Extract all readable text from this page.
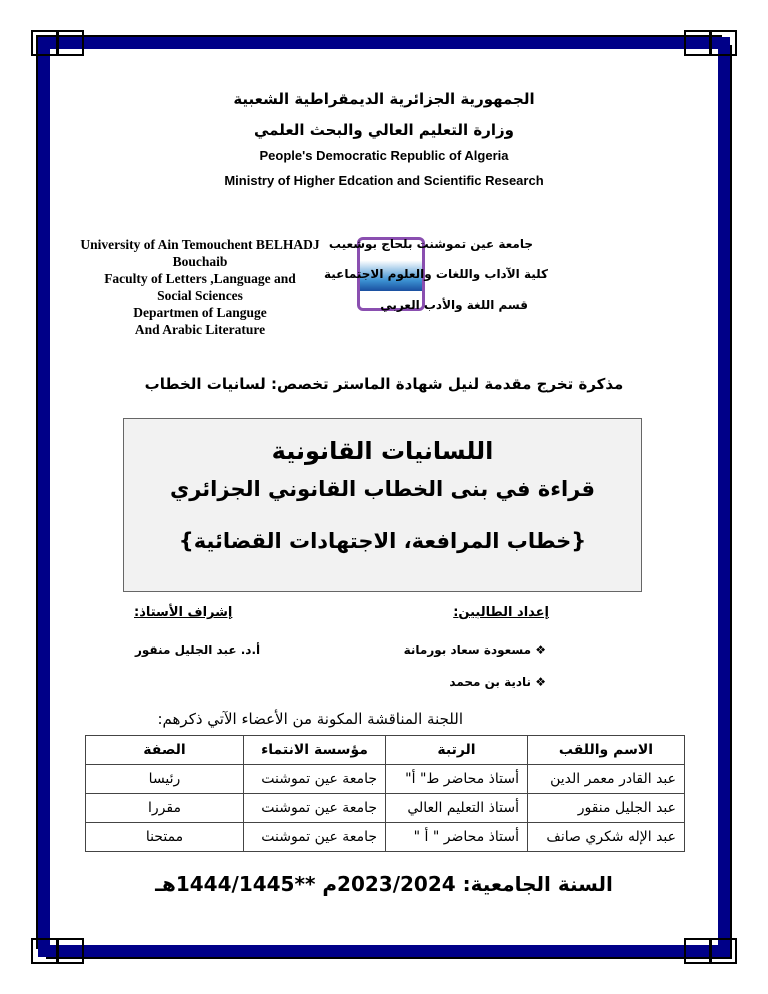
الجمهورية الجزائرية الديمقراطية الشعبية
وزارة التعليم العالي والبحث العلمي
People's Democratic Republic of Algeria
Ministry of Higher Edcation and Scientific Research
University of Ain Temouchent BELHADJ
Bouchaib
Faculty of Letters ,Language and
Social Sciences
Departmen of Languge
And Arabic Literature
جامعة عين تموشنت بلحاج بوشعيب
كلية الآداب واللغات والعلوم الاجتماعية
قسم اللغة والأدب العربي
مذكرة تخرج مقدمة لنيل شهادة الماستر تخصص: لسانيات الخطاب
اللسانيات القانونية
قراءة في بنى الخطاب القانوني الجزائري
{خطاب المرافعة، الاجتهادات القضائية}
إعداد الطالبين:
إشراف الأستاذ:
❖ مسعودة سعاد بورمانة
❖ نادية بن محمد
أ.د. عبد الجليل منقور
اللجنة المناقشة المكونة من الأعضاء الآتي ذكرهم:
الاسم واللقب	الرتبة	مؤسسة الانتماء	الصفة
عبد القادر معمر الدين	أستاذ محاضر ط" أ"	جامعة عين تموشنت	رئيسا
عبد الجليل منقور	أستاذ التعليم العالي	جامعة عين تموشنت	مقررا
عبد الإله شكري صانف	أستاذ محاضر " أ "	جامعة عين تموشنت	ممتحنا
السنة الجامعية: 2023/2024م **1444/1445هـ
